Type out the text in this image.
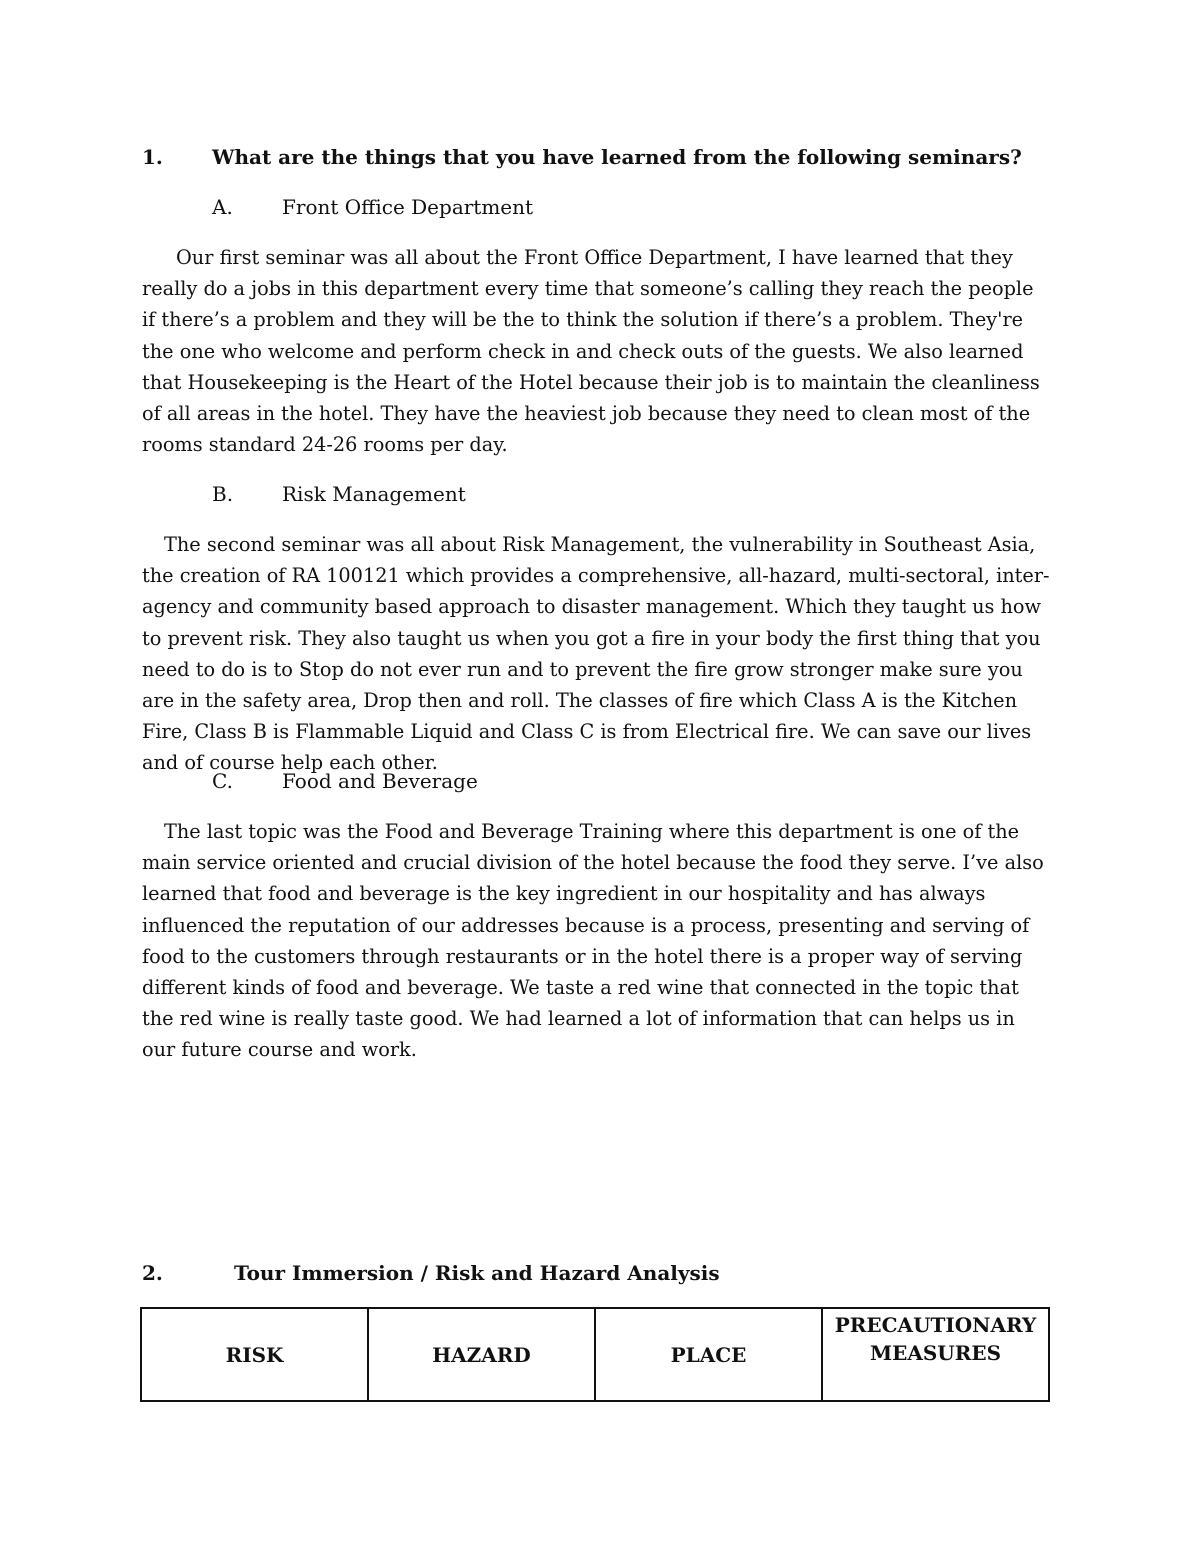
1. What are the things that you have learned from the following seminars?
A. Front Office Department

Our first seminar was all about the Front Office Department, I have learned that they really do a jobs in this department every time that someone’s calling they reach the people if there’s a problem and they will be the to think the solution if there’s a problem. They're the one who welcome and perform check in and check outs of the guests. We also learned that Housekeeping is the Heart of the Hotel because their job is to maintain the cleanliness of all areas in the hotel. They have the heaviest job because they need to clean most of the rooms standard 24-26 rooms per day.

B. Risk Management

The second seminar was all about Risk Management, the vulnerability in Southeast Asia, the creation of RA 100121 which provides a comprehensive, all-hazard, multi-sectoral, inter-agency and community based approach to disaster management. Which they taught us how to prevent risk. They also taught us when you got a fire in your body the first thing that you need to do is to Stop do not ever run and to prevent the fire grow stronger make sure you are in the safety area, Drop then and roll. The classes of fire which Class A is the Kitchen Fire, Class B is Flammable Liquid and Class C is from Electrical fire. We can save our lives and of course help each other.

C. Food and Beverage

The last topic was the Food and Beverage Training where this department is one of the main service oriented and crucial division of the hotel because the food they serve. I’ve also learned that food and beverage is the key ingredient in our hospitality and has always influenced the reputation of our addresses because is a process, presenting and serving of food to the customers through restaurants or in the hotel there is a proper way of serving different kinds of food and beverage. We taste a red wine that connected in the topic that the red wine is really taste good. We had learned a lot of information that can helps us in our future course and work.

2.	Tour Immersion / Risk and Hazard Analysis
RISK	HAZARD	PLACE	PRECAUTIONARY MEASURES
